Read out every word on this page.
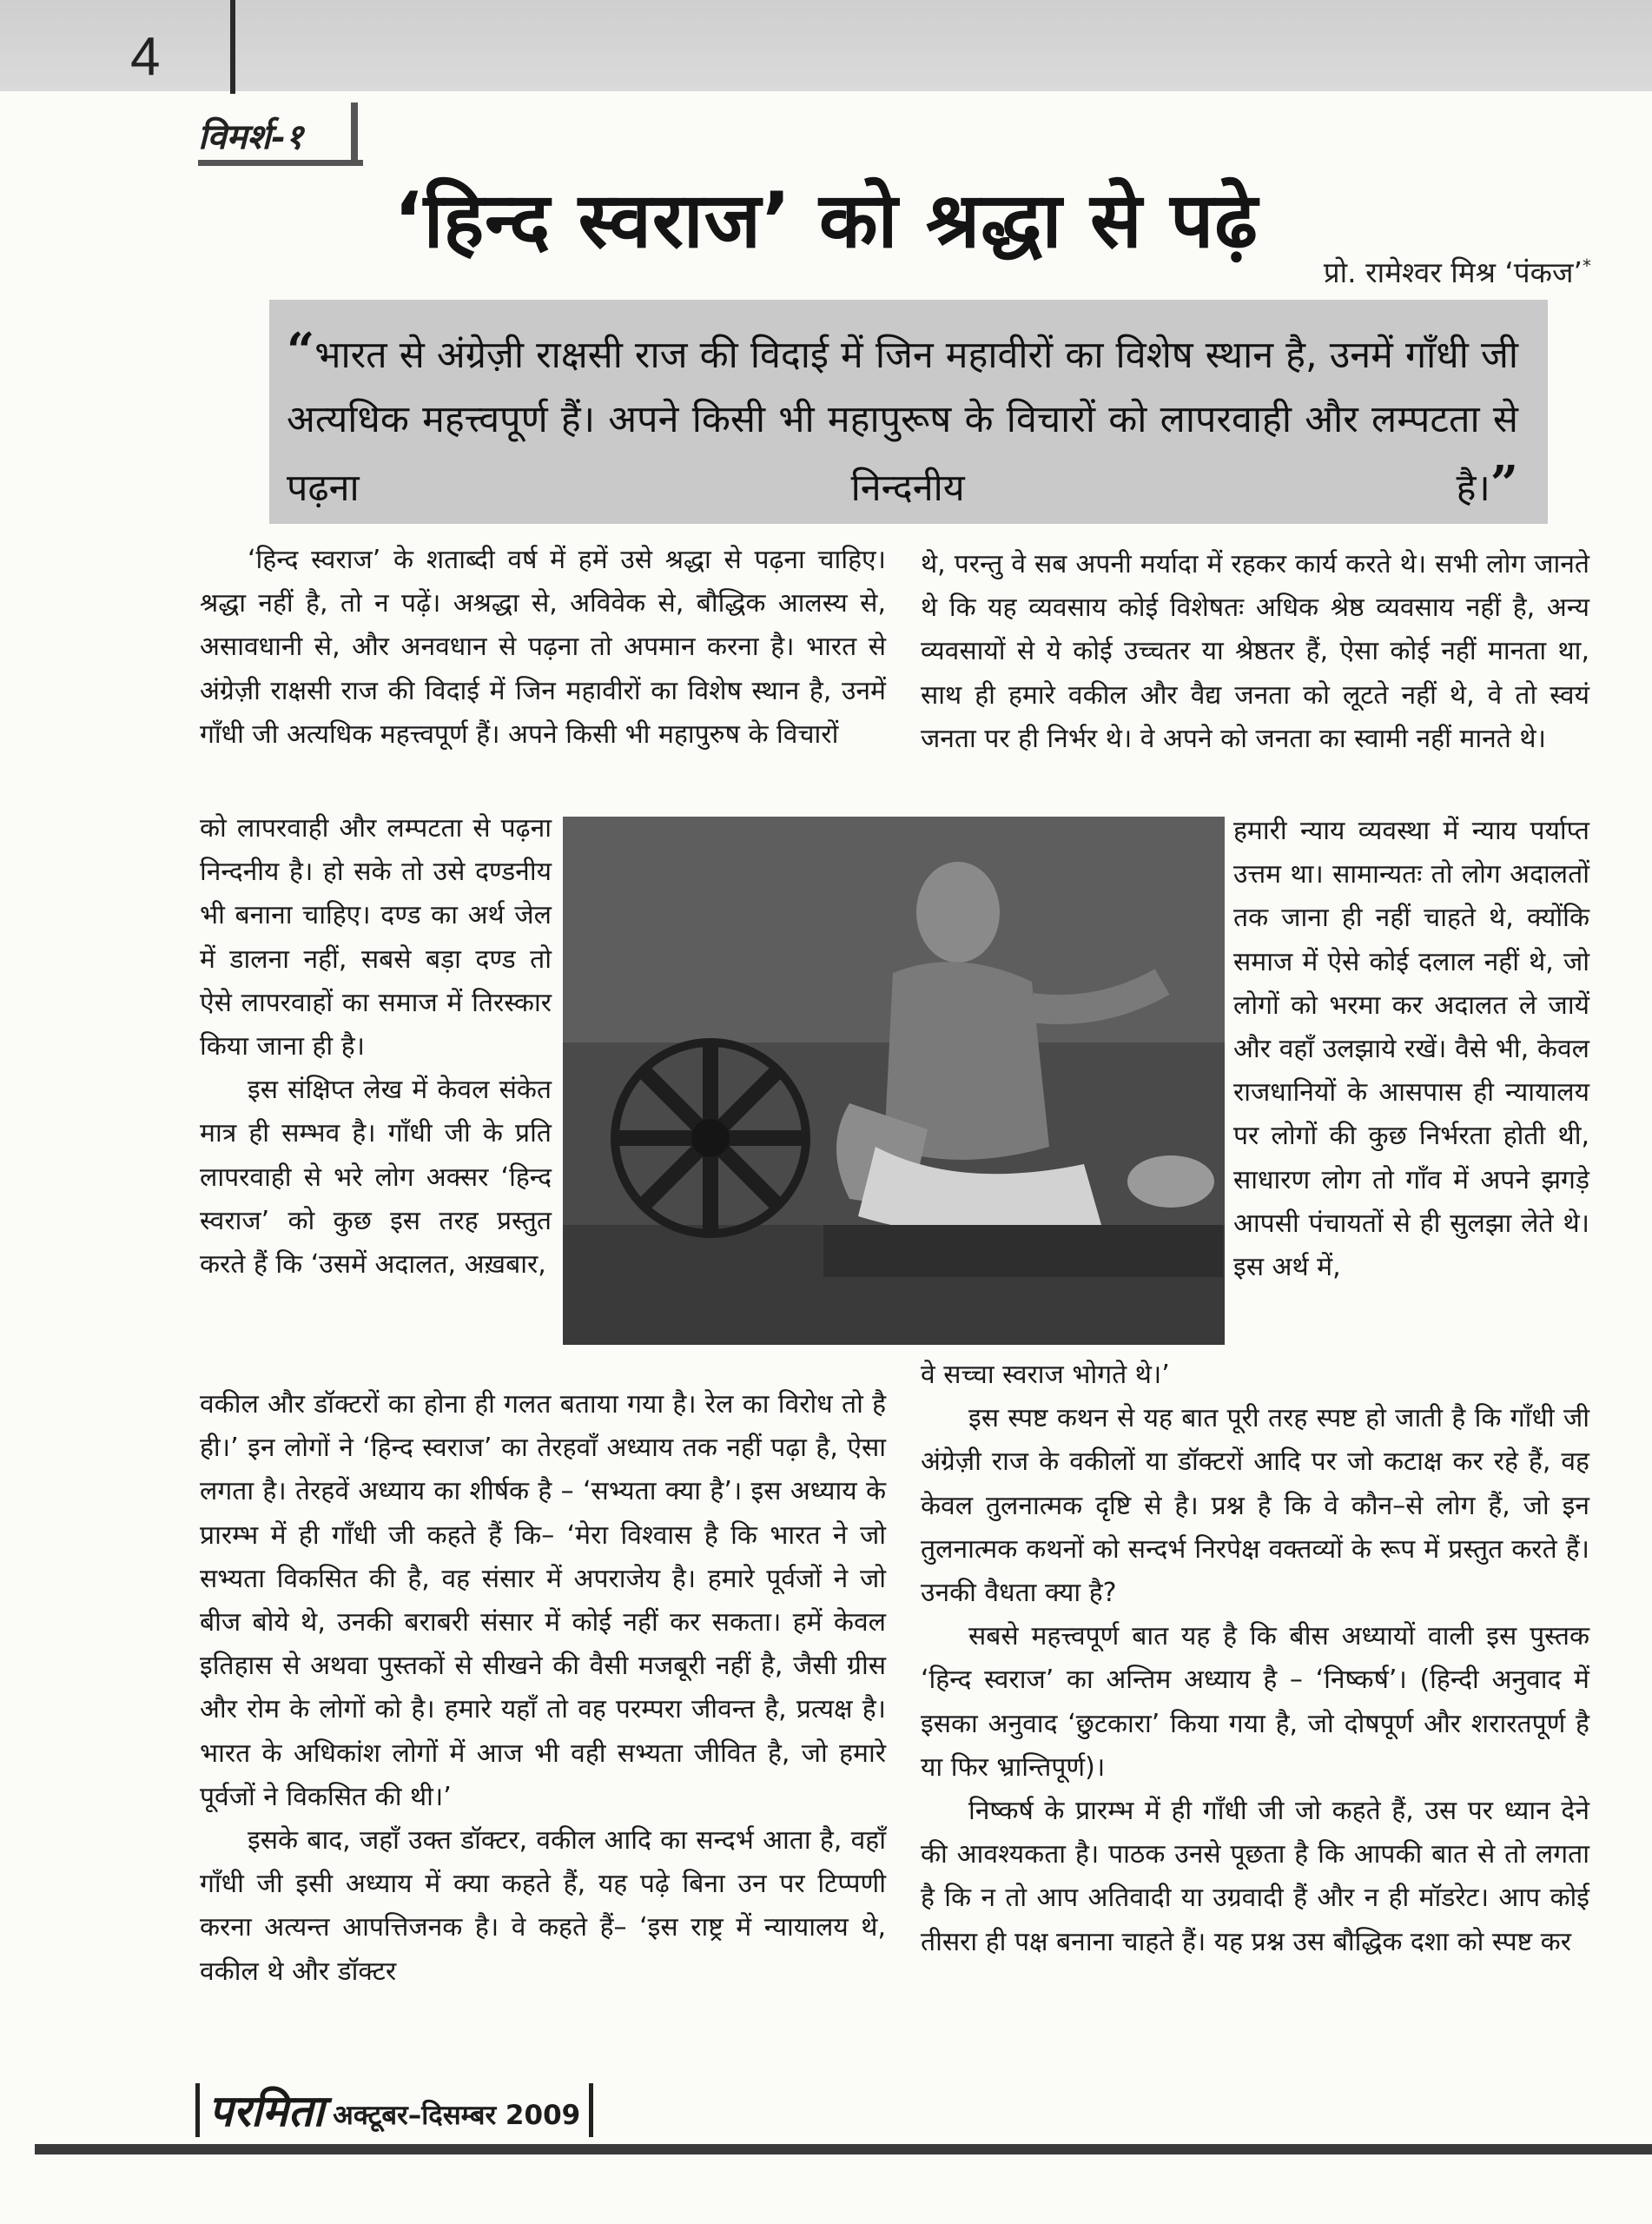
4
विमर्श-१
‘हिन्द स्वराज’ को श्रद्धा से पढ़े
प्रो. रामेश्वर मिश्र ‘पंकज’*
“भारत से अंग्रेज़ी राक्षसी राज की विदाई में जिन महावीरों का विशेष स्थान है, उनमें गाँधी जी अत्यधिक महत्त्वपूर्ण हैं। अपने किसी भी महापुरूष के विचारों को लापरवाही और लम्पटता से पढ़ना निन्दनीय है।”

‘हिन्द स्वराज’ के शताब्दी वर्ष में हमें उसे श्रद्धा से पढ़ना चाहिए। श्रद्धा नहीं है, तो न पढ़ें। अश्रद्धा से, अविवेक से, बौद्धिक आलस्य से, असावधानी से, और अनवधान से पढ़ना तो अपमान करना है। भारत से अंग्रेज़ी राक्षसी राज की विदाई में जिन महावीरों का विशेष स्थान है, उनमें गाँधी जी अत्यधिक महत्त्वपूर्ण हैं। अपने किसी भी महापुरुष के विचारों

को लापरवाही और लम्पटता से पढ़ना निन्दनीय है। हो सके तो उसे दण्डनीय भी बनाना चाहिए। दण्ड का अर्थ जेल में डालना नहीं, सबसे बड़ा दण्ड तो ऐसे लापरवाहों का समाज में तिरस्कार किया जाना ही है।

इस संक्षिप्त लेख में केवल संकेत मात्र ही सम्भव है। गाँधी जी के प्रति लापरवाही से भरे लोग अक्सर ‘हिन्द स्वराज’ को कुछ इस तरह प्रस्तुत करते हैं कि ‘उसमें अदालत, अख़बार,

वकील और डॉक्टरों का होना ही गलत बताया गया है। रेल का विरोध तो है ही।’ इन लोगों ने ‘हिन्द स्वराज’ का तेरहवाँ अध्याय तक नहीं पढ़ा है, ऐसा लगता है। तेरहवें अध्याय का शीर्षक है – ‘सभ्यता क्या है’। इस अध्याय के प्रारम्भ में ही गाँधी जी कहते हैं कि– ‘मेरा विश्वास है कि भारत ने जो सभ्यता विकसित की है, वह संसार में अपराजेय है। हमारे पूर्वजों ने जो बीज बोये थे, उनकी बराबरी संसार में कोई नहीं कर सकता। हमें केवल इतिहास से अथवा पुस्तकों से सीखने की वैसी मजबूरी नहीं है, जैसी ग्रीस और रोम के लोगों को है। हमारे यहाँ तो वह परम्परा जीवन्त है, प्रत्यक्ष है। भारत के अधिकांश लोगों में आज भी वही सभ्यता जीवित है, जो हमारे पूर्वजों ने विकसित की थी।’

इसके बाद, जहाँ उक्त डॉक्टर, वकील आदि का सन्दर्भ आता है, वहाँ गाँधी जी इसी अध्याय में क्या कहते हैं, यह पढ़े बिना उन पर टिप्पणी करना अत्यन्त आपत्तिजनक है। वे कहते हैं– ‘इस राष्ट्र में न्यायालय थे, वकील थे और डॉक्टर

थे, परन्तु वे सब अपनी मर्यादा में रहकर कार्य करते थे। सभी लोग जानते थे कि यह व्यवसाय कोई विशेषतः अधिक श्रेष्ठ व्यवसाय नहीं है, अन्य व्यवसायों से ये कोई उच्चतर या श्रेष्ठतर हैं, ऐसा कोई नहीं मानता था, साथ ही हमारे वकील और वैद्य जनता को लूटते नहीं थे, वे तो स्वयं जनता पर ही निर्भर थे। वे अपने को जनता का स्वामी नहीं मानते थे।

हमारी न्याय व्यवस्था में न्याय पर्याप्त उत्तम था। सामान्यतः तो लोग अदालतों तक जाना ही नहीं चाहते थे, क्योंकि समाज में ऐसे कोई दलाल नहीं थे, जो लोगों को भरमा कर अदालत ले जायें और वहाँ उलझाये रखें। वैसे भी, केवल राजधानियों के आसपास ही न्यायालय पर लोगों की कुछ निर्भरता होती थी, साधारण लोग तो गाँव में अपने झगड़े आपसी पंचायतों से ही सुलझा लेते थे। इस अर्थ में,

वे सच्चा स्वराज भोगते थे।’

इस स्पष्ट कथन से यह बात पूरी तरह स्पष्ट हो जाती है कि गाँधी जी अंग्रेज़ी राज के वकीलों या डॉक्टरों आदि पर जो कटाक्ष कर रहे हैं, वह केवल तुलनात्मक दृष्टि से है। प्रश्न है कि वे कौन–से लोग हैं, जो इन तुलनात्मक कथनों को सन्दर्भ निरपेक्ष वक्तव्यों के रूप में प्रस्तुत करते हैं। उनकी वैधता क्या है?

सबसे महत्त्वपूर्ण बात यह है कि बीस अध्यायों वाली इस पुस्तक ‘हिन्द स्वराज’ का अन्तिम अध्याय है – ‘निष्कर्ष’। (हिन्दी अनुवाद में इसका अनुवाद ‘छुटकारा’ किया गया है, जो दोषपूर्ण और शरारतपूर्ण है या फिर भ्रान्तिपूर्ण)।

निष्कर्ष के प्रारम्भ में ही गाँधी जी जो कहते हैं, उस पर ध्यान देने की आवश्यकता है। पाठक उनसे पूछता है कि आपकी बात से तो लगता है कि न तो आप अतिवादी या उग्रवादी हैं और न ही मॉडरेट। आप कोई तीसरा ही पक्ष बनाना चाहते हैं। यह प्रश्न उस बौद्धिक दशा को स्पष्ट कर

परमिता अक्टूबर–दिसम्बर 2009
